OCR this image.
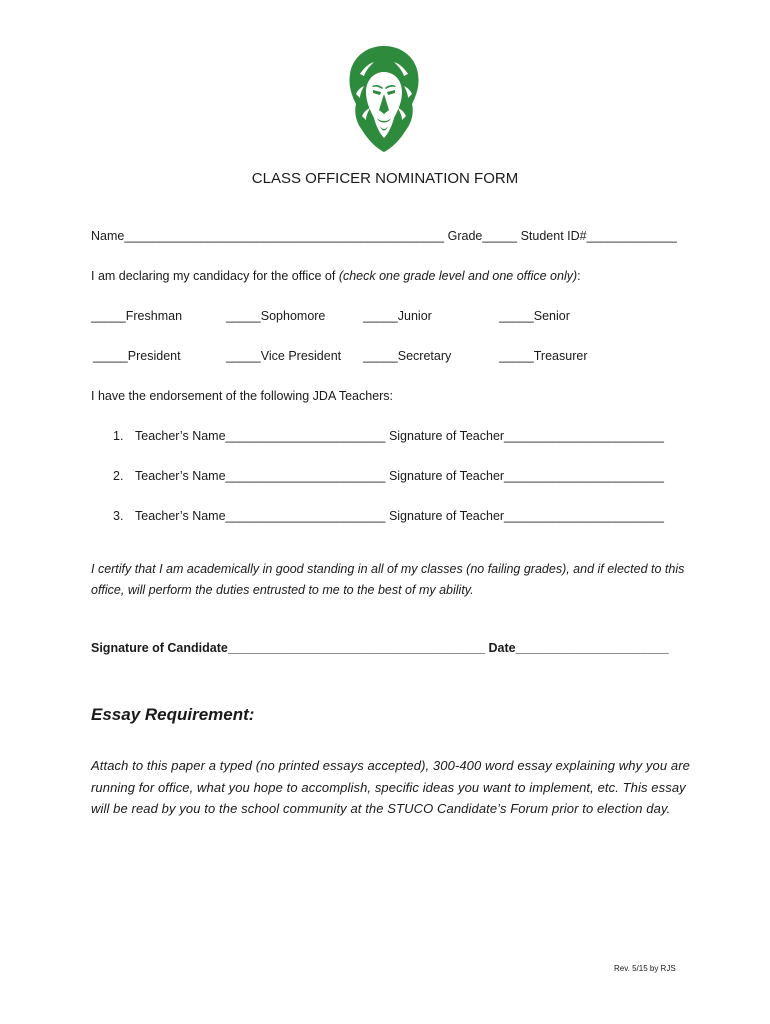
CLASS OFFICER NOMINATION FORM
Name______________________________________________ Grade_____ Student ID#_____________
I am declaring my candidacy for the office of (check one grade level and one office only):
_____Freshman	_____Sophomore	_____Junior	_____Senior
_____President	_____Vice President _____Secretary	_____Treasurer
I have the endorsement of the following JDA Teachers:
1. Teacher’s Name_______________________ Signature of Teacher_______________________
2. Teacher’s Name_______________________ Signature of Teacher_______________________
3. Teacher’s Name_______________________ Signature of Teacher_______________________
I certify that I am academically in good standing in all of my classes (no failing grades), and if elected to this office, will perform the duties entrusted to me to the best of my ability.
Signature of Candidate_____________________________________ Date______________________
Essay Requirement:
Attach to this paper a typed (no printed essays accepted), 300-400 word essay explaining why you are running for office, what you hope to accomplish, specific ideas you want to implement, etc. This essay will be read by you to the school community at the STUCO Candidate’s Forum prior to election day.
Rev. 5/15 by RJS
